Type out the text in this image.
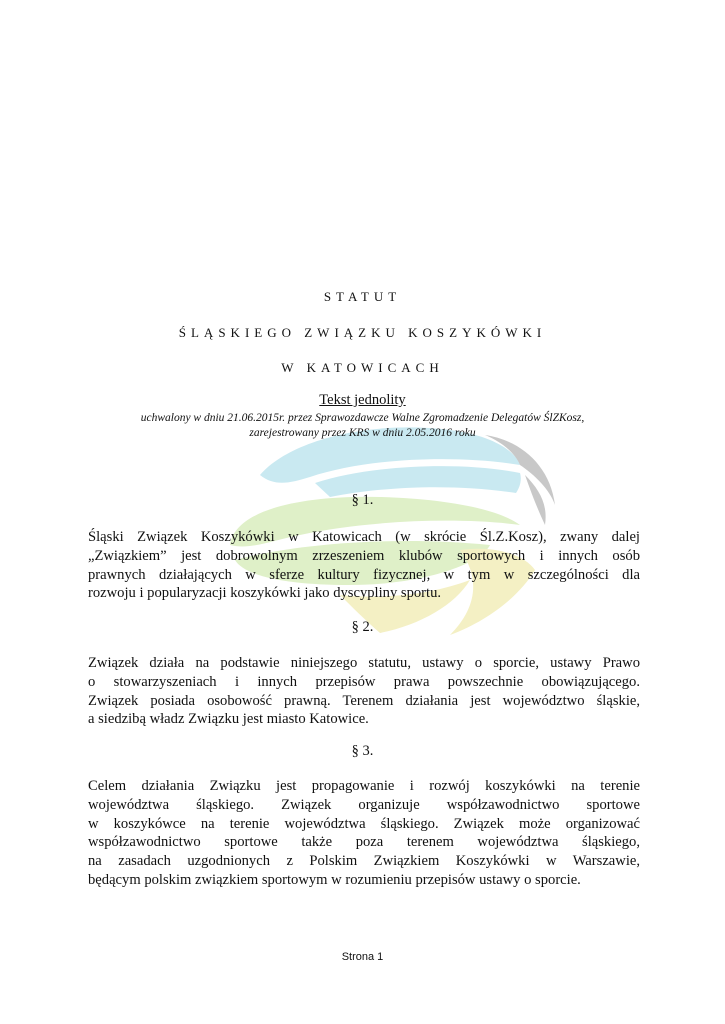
STATUT
ŚLĄSKIEGO ZWIĄZKU KOSZYKÓWKI
W KATOWICACH
Tekst jednolity
uchwalony w dniu 21.06.2015r. przez Sprawozdawcze Walne Zgromadzenie Delegatów ŚlZKosz,
zarejestrowany przez KRS w dniu 2.05.2016 roku
§ 1.
Śląski Związek Koszykówki w Katowicach (w skrócie Śl.Z.Kosz), zwany dalej
„Związkiem” jest dobrowolnym zrzeszeniem klubów sportowych i innych osób
prawnych działających w sferze kultury fizycznej, w tym w szczególności dla
rozwoju i popularyzacji koszykówki jako dyscypliny sportu.
§ 2.
Związek działa na podstawie niniejszego statutu, ustawy o sporcie, ustawy Prawo
o stowarzyszeniach i innych przepisów prawa powszechnie obowiązującego.
Związek posiada osobowość prawną. Terenem działania jest województwo śląskie,
a siedzibą władz Związku jest miasto Katowice.
§ 3.
Celem działania Związku jest propagowanie i rozwój koszykówki na terenie
województwa śląskiego. Związek organizuje współzawodnictwo sportowe
w koszykówce na terenie województwa śląskiego. Związek może organizować
współzawodnictwo sportowe także poza terenem województwa śląskiego,
na zasadach uzgodnionych z Polskim Związkiem Koszykówki w Warszawie,
będącym polskim związkiem sportowym w rozumieniu przepisów ustawy o sporcie.
Strona 1
